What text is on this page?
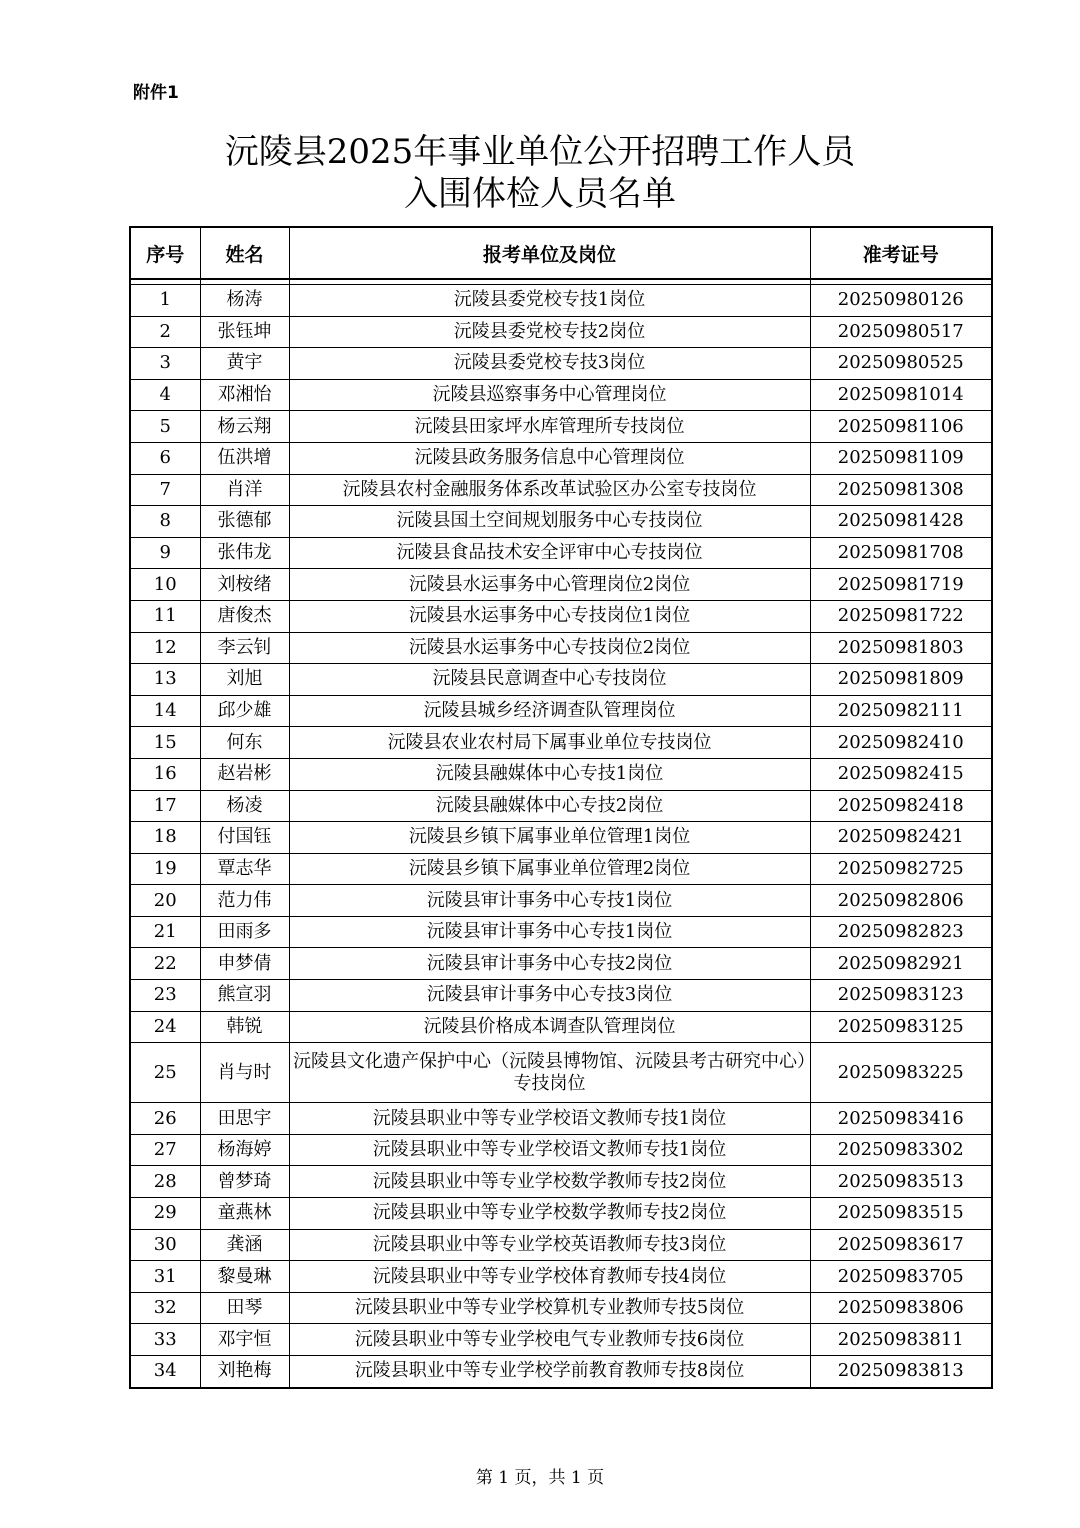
附件1
沅陵县2025年事业单位公开招聘工作人员
入围体检人员名单
序号	姓名	报考单位及岗位	准考证号

1	杨涛	沅陵县委党校专技1岗位	20250980126
2	张钰坤	沅陵县委党校专技2岗位	20250980517
3	黄宇	沅陵县委党校专技3岗位	20250980525
4	邓湘怡	沅陵县巡察事务中心管理岗位	20250981014
5	杨云翔	沅陵县田家坪水库管理所专技岗位	20250981106
6	伍洪增	沅陵县政务服务信息中心管理岗位	20250981109
7	肖洋	沅陵县农村金融服务体系改革试验区办公室专技岗位	20250981308
8	张德郁	沅陵县国土空间规划服务中心专技岗位	20250981428
9	张伟龙	沅陵县食品技术安全评审中心专技岗位	20250981708
10	刘桉绪	沅陵县水运事务中心管理岗位2岗位	20250981719
11	唐俊杰	沅陵县水运事务中心专技岗位1岗位	20250981722
12	李云钊	沅陵县水运事务中心专技岗位2岗位	20250981803
13	刘旭	沅陵县民意调查中心专技岗位	20250981809
14	邱少雄	沅陵县城乡经济调查队管理岗位	20250982111
15	何东	沅陵县农业农村局下属事业单位专技岗位	20250982410
16	赵岩彬	沅陵县融媒体中心专技1岗位	20250982415
17	杨凌	沅陵县融媒体中心专技2岗位	20250982418
18	付国钰	沅陵县乡镇下属事业单位管理1岗位	20250982421
19	覃志华	沅陵县乡镇下属事业单位管理2岗位	20250982725
20	范力伟	沅陵县审计事务中心专技1岗位	20250982806
21	田雨多	沅陵县审计事务中心专技1岗位	20250982823
22	申梦倩	沅陵县审计事务中心专技2岗位	20250982921
23	熊宣羽	沅陵县审计事务中心专技3岗位	20250983123
24	韩锐	沅陵县价格成本调查队管理岗位	20250983125
25	肖与时	沅陵县文化遗产保护中心（沅陵县博物馆、沅陵县考古研究中心）专技岗位	20250983225
26	田思宇	沅陵县职业中等专业学校语文教师专技1岗位	20250983416
27	杨海婷	沅陵县职业中等专业学校语文教师专技1岗位	20250983302
28	曾梦琦	沅陵县职业中等专业学校数学教师专技2岗位	20250983513
29	童燕林	沅陵县职业中等专业学校数学教师专技2岗位	20250983515
30	龚涵	沅陵县职业中等专业学校英语教师专技3岗位	20250983617
31	黎曼琳	沅陵县职业中等专业学校体育教师专技4岗位	20250983705
32	田琴	沅陵县职业中等专业学校算机专业教师专技5岗位	20250983806
33	邓宇恒	沅陵县职业中等专业学校电气专业教师专技6岗位	20250983811
34	刘艳梅	沅陵县职业中等专业学校学前教育教师专技8岗位	20250983813
第 1 页，共 1 页
